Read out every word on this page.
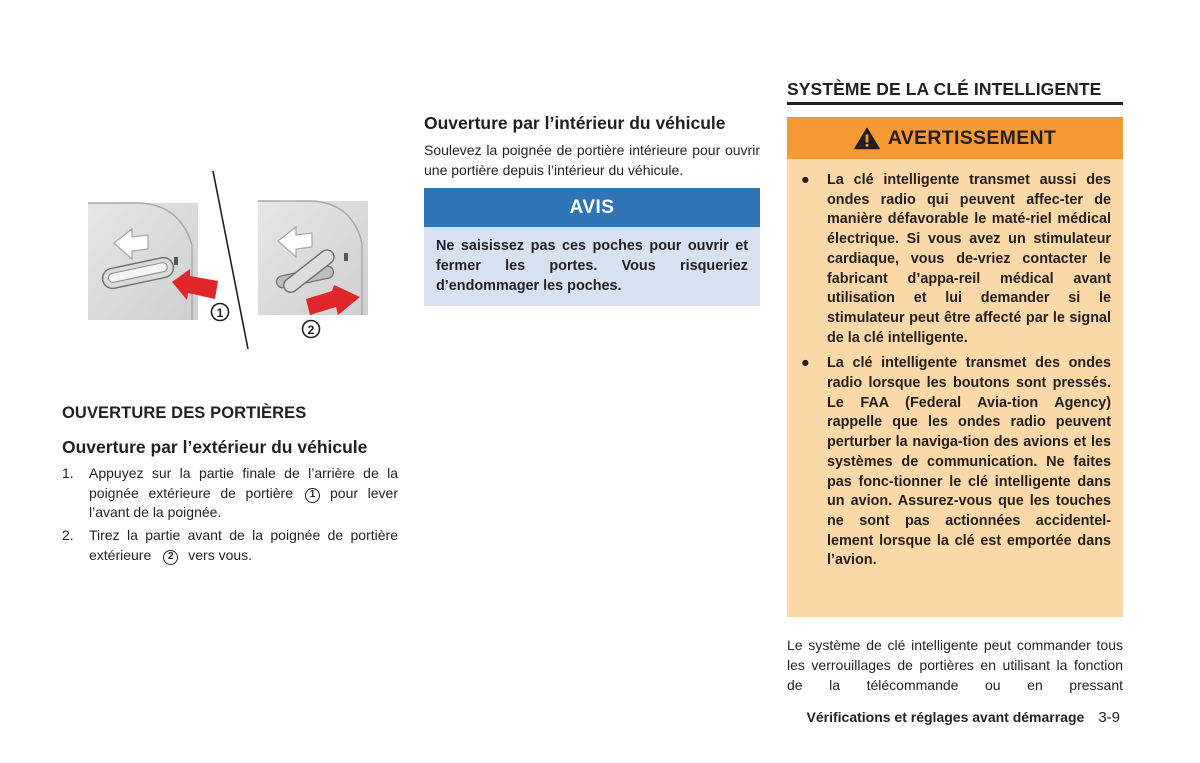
1
2
OUVERTURE DES PORTIÈRES
Ouverture par l’extérieur du véhicule
1.	Appuyez sur la partie finale de l’arrière de la poignée extérieure de portière 1 pour lever l’avant de la poignée.
2.	Tirez la partie avant de la poignée de portière extérieure 2 vers vous.
Ouverture par l’intérieur du véhicule
Soulevez la poignée de portière intérieure pour ouvrir une portière depuis l’intérieur du véhicule.
AVIS
Ne saisissez pas ces poches pour ouvrir et fermer les portes. Vous risqueriez d’endommager les poches.
SYSTÈME DE LA CLÉ INTELLIGENTE
AVERTISSEMENT
●	La clé intelligente transmet aussi des ondes radio qui peuvent affec-ter de manière défavorable le maté-riel médical électrique. Si vous avez un stimulateur cardiaque, vous de-vriez contacter le fabricant d’appa-reil médical avant utilisation et lui demander si le stimulateur peut être affecté par le signal de la clé intelligente.
●	La clé intelligente transmet des ondes radio lorsque les boutons sont pressés. Le FAA (Federal Avia-tion Agency) rappelle que les ondes radio peuvent perturber la naviga-tion des avions et les systèmes de communication. Ne faites pas fonc-tionner le clé intelligente dans un avion. Assurez-vous que les touches ne sont pas actionnées accidentel-lement lorsque la clé est emportée dans l’avion.
Le système de clé intelligente peut commander tous les verrouillages de portières en utilisant la fonction de la télécommande ou en pressant
Vérifications et réglages avant démarrage 3-9
